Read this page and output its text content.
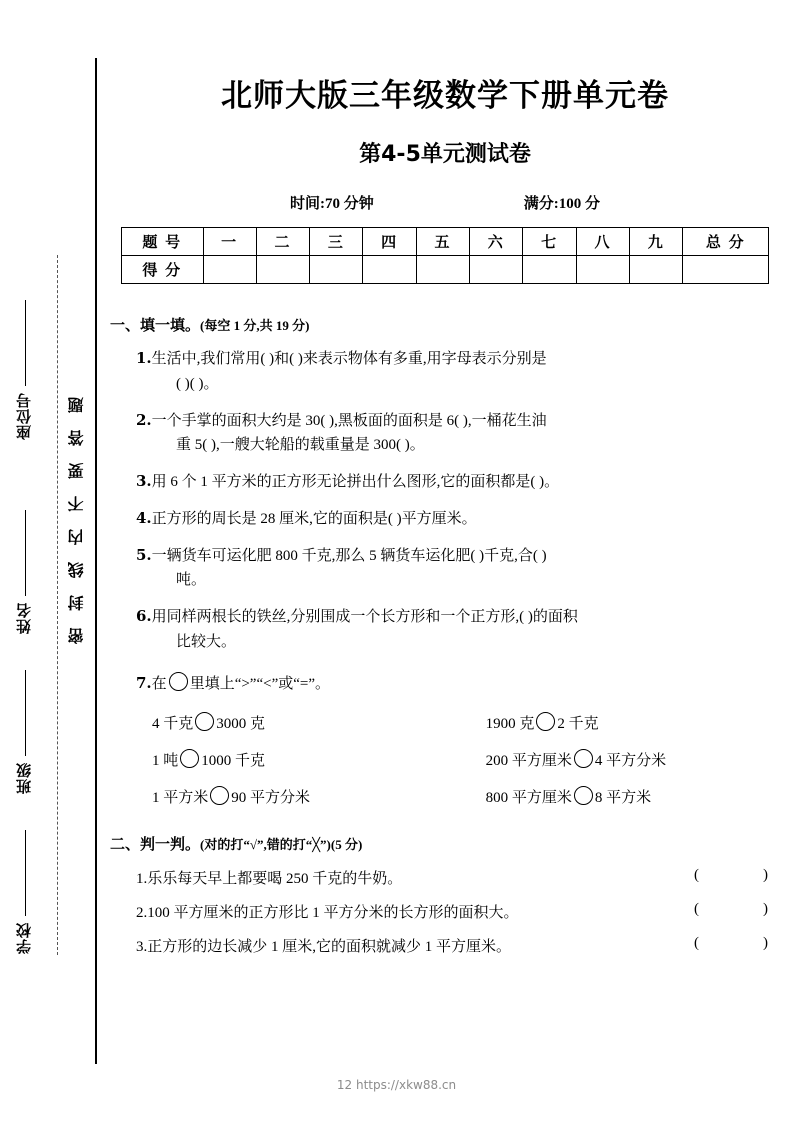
座位号
姓名
班级
学校
密封线内不要答题
北师大版三年级数学下册单元卷
第4-5单元测试卷
时间:70 分钟	满分:100 分
题 号	一	二	三	四	五	六	七	八	九	总 分
得 分										
一、填一填。(每空 1 分,共 19 分)
1.生活中,我们常用( )和( )来表示物体有多重,用字母表示分别是
( )( )。
2.一个手掌的面积大约是 30( ),黑板面的面积是 6( ),一桶花生油
重 5( ),一艘大轮船的载重量是 300( )。
3.用 6 个 1 平方米的正方形无论拼出什么图形,它的面积都是( )。
4.正方形的周长是 28 厘米,它的面积是( )平方厘米。
5.一辆货车可运化肥 800 千克,那么 5 辆货车运化肥( )千克,合( )
吨。
6.用同样两根长的铁丝,分别围成一个长方形和一个正方形,( )的面积
比较大。
7.在 里填上“>”“<”或“=”。
4 千克 3000 克	1900 克 2 千克
1 吨 1000 千克	200 平方厘米 4 平方分米
1 平方米 90 平方分米	800 平方厘米 8 平方米
二、判一判。(对的打“√”,错的打“╳”)(5 分)
1.乐乐每天早上都要喝 250 千克的牛奶。	(	)
2.100 平方厘米的正方形比 1 平方分米的长方形的面积大。	(	)
3.正方形的边长减少 1 厘米,它的面积就减少 1 平方厘米。	(	)
12 https://xkw88.cn
